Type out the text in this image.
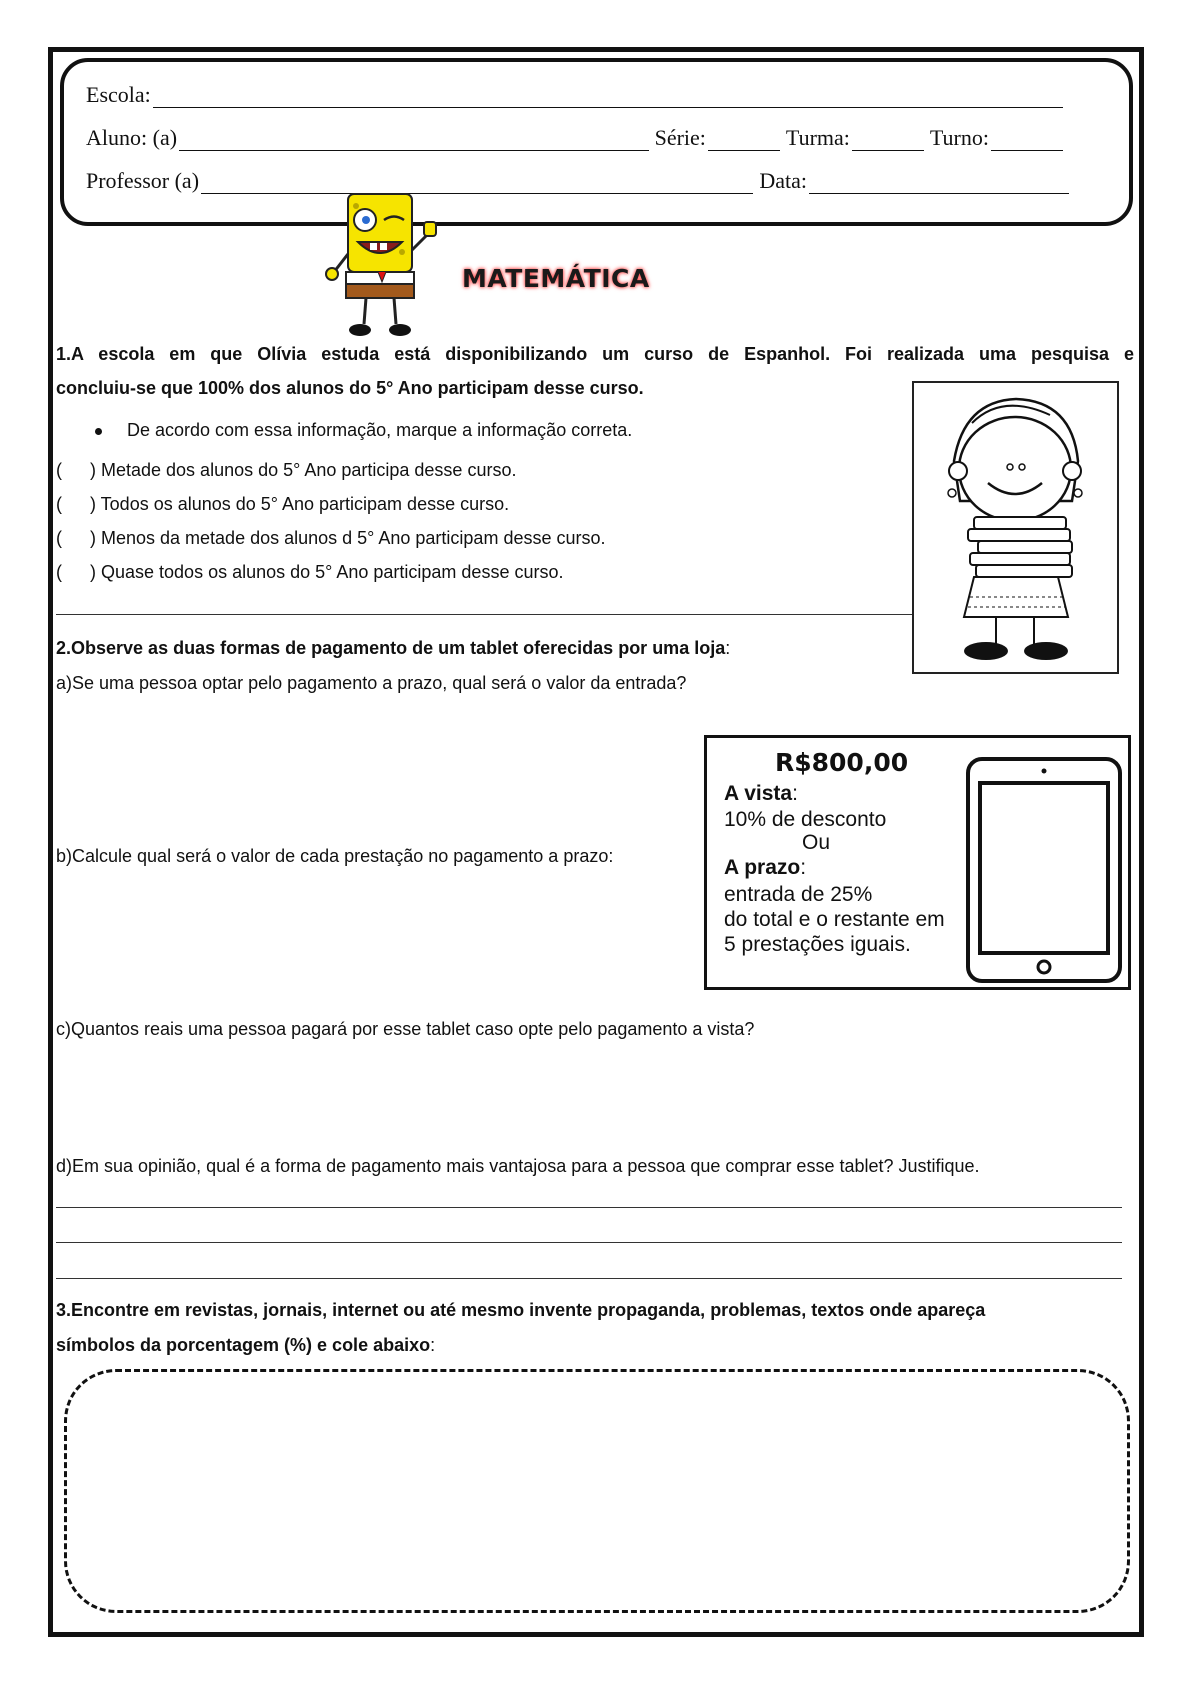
Escola:
Aluno: (a)	Série:	Turma:	Turno:
Professor (a)	Data:
MATEMÁTICA
1.A escola em que Olívia estuda está disponibilizando um curso de Espanhol. Foi realizada uma pesquisa e
concluiu-se que 100% dos alunos do 5° Ano participam desse curso.
De acordo com essa informação, marque a informação correta.
( ) Metade dos alunos do 5° Ano participa desse curso.
( ) Todos os alunos do 5° Ano participam desse curso.
( ) Menos da metade dos alunos d 5° Ano participam desse curso.
( ) Quase todos os alunos do 5° Ano participam desse curso.
2.Observe as duas formas de pagamento de um tablet oferecidas por uma loja:
a)Se uma pessoa optar pelo pagamento a prazo, qual será o valor da entrada?
b)Calcule qual será o valor de cada prestação no pagamento a prazo:
R$800,00
A vista:
10% de desconto
Ou
A prazo:
entrada de 25%
do total e o restante em
5 prestações iguais.
c)Quantos reais uma pessoa pagará por esse tablet caso opte pelo pagamento a vista?
d)Em sua opinião, qual é a forma de pagamento mais vantajosa para a pessoa que comprar esse tablet? Justifique.
3.Encontre em revistas, jornais, internet ou até mesmo invente propaganda, problemas, textos onde apareça
símbolos da porcentagem (%) e cole abaixo:
